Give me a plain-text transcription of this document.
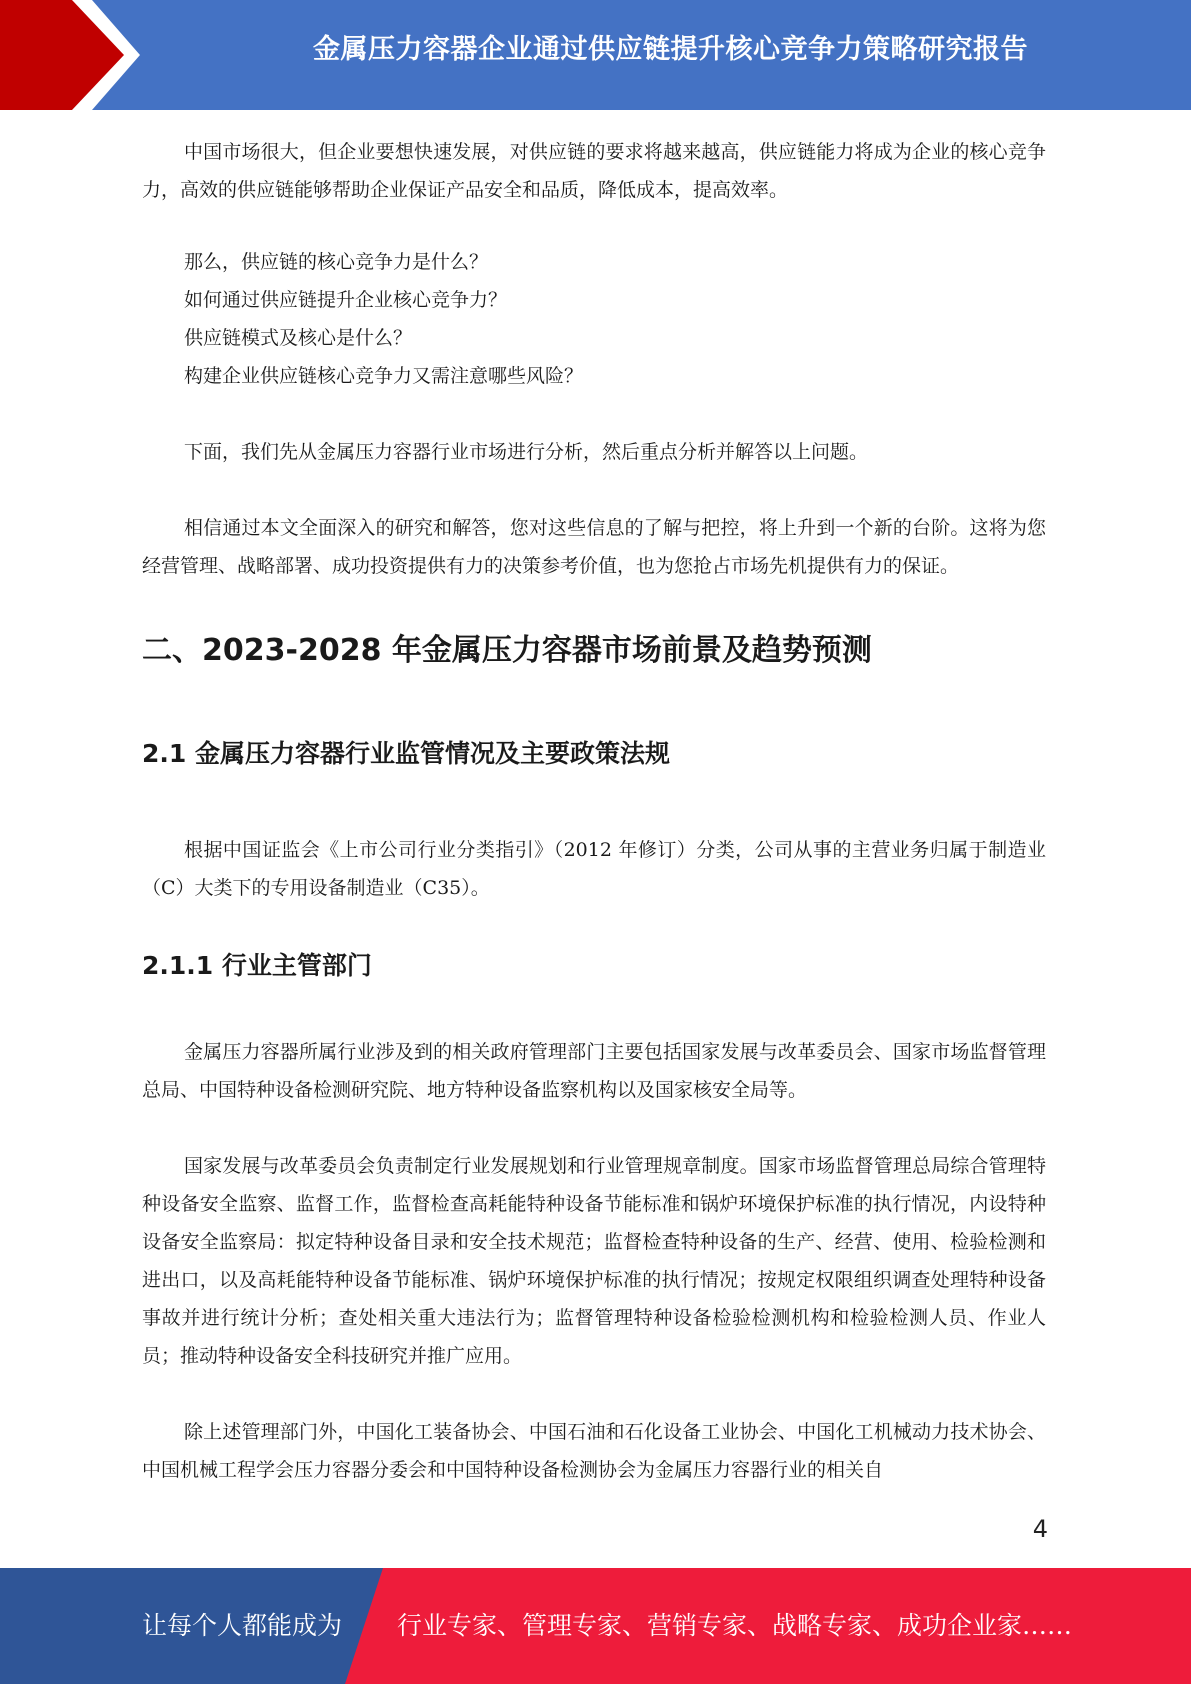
金属压力容器企业通过供应链提升核心竞争力策略研究报告

中国市场很大，但企业要想快速发展，对供应链的要求将越来越高，供应链能力将成为企业的核心竞争力，高效的供应链能够帮助企业保证产品安全和品质，降低成本，提高效率。

那么，供应链的核心竞争力是什么？
如何通过供应链提升企业核心竞争力？
供应链模式及核心是什么？
构建企业供应链核心竞争力又需注意哪些风险？

下面，我们先从金属压力容器行业市场进行分析，然后重点分析并解答以上问题。

相信通过本文全面深入的研究和解答，您对这些信息的了解与把控，将上升到一个新的台阶。这将为您经营管理、战略部署、成功投资提供有力的决策参考价值，也为您抢占市场先机提供有力的保证。

二、2023-2028 年金属压力容器市场前景及趋势预测
2.1 金属压力容器行业监管情况及主要政策法规

根据中国证监会《上市公司行业分类指引》（2012 年修订）分类，公司从事的主营业务归属于制造业（C）大类下的专用设备制造业（C35）。

2.1.1 行业主管部门

金属压力容器所属行业涉及到的相关政府管理部门主要包括国家发展与改革委员会、国家市场监督管理总局、中国特种设备检测研究院、地方特种设备监察机构以及国家核安全局等。

国家发展与改革委员会负责制定行业发展规划和行业管理规章制度。国家市场监督管理总局综合管理特种设备安全监察、监督工作，监督检查高耗能特种设备节能标准和锅炉环境保护标准的执行情况，内设特种设备安全监察局：拟定特种设备目录和安全技术规范；监督检查特种设备的生产、经营、使用、检验检测和进出口，以及高耗能特种设备节能标准、锅炉环境保护标准的执行情况；按规定权限组织调查处理特种设备事故并进行统计分析；查处相关重大违法行为；监督管理特种设备检验检测机构和检验检测人员、作业人员；推动特种设备安全科技研究并推广应用。

除上述管理部门外，中国化工装备协会、中国石油和石化设备工业协会、中国化工机械动力技术协会、中国机械工程学会压力容器分委会和中国特种设备检测协会为金属压力容器行业的相关自

4
让每个人都能成为 行业专家、管理专家、营销专家、战略专家、成功企业家……
